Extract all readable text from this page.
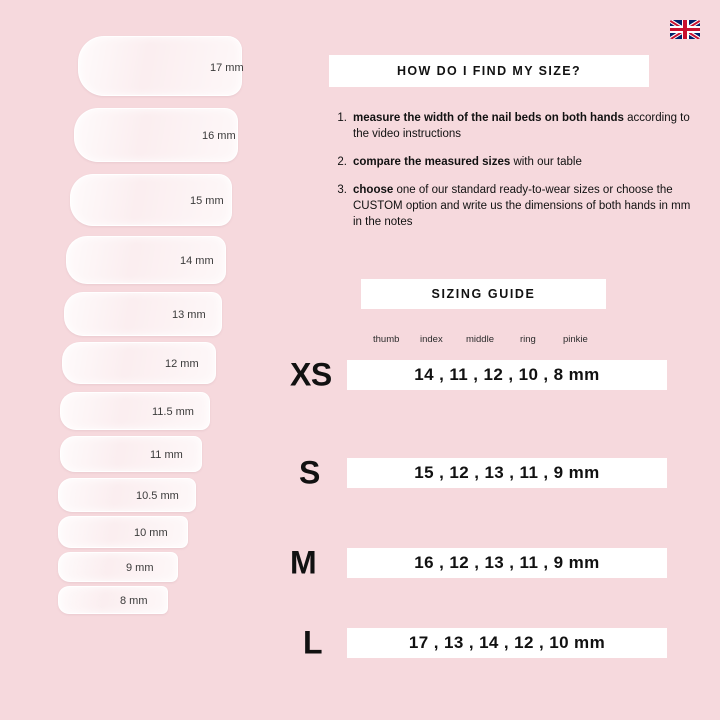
17 mm
16 mm
15 mm
14 mm
13 mm
12 mm
11.5 mm
11 mm
10.5 mm
10 mm
9 mm
8 mm
HOW DO I FIND MY SIZE?
1. measure the width of the nail beds on both hands according to the video instructions
2. compare the measured sizes with our table
3. choose one of our standard ready-to-wear sizes or choose the CUSTOM option and write us the dimensions of both hands in mm in the notes
SIZING GUIDE
thumb index middle	ring	pinkie
XS	14 , 11 , 12 , 10 , 8 mm
S	15 , 12 , 13 , 11 , 9 mm
M	16 , 12 , 13 , 11 , 9 mm
L	17 , 13 , 14 , 12 , 10 mm
